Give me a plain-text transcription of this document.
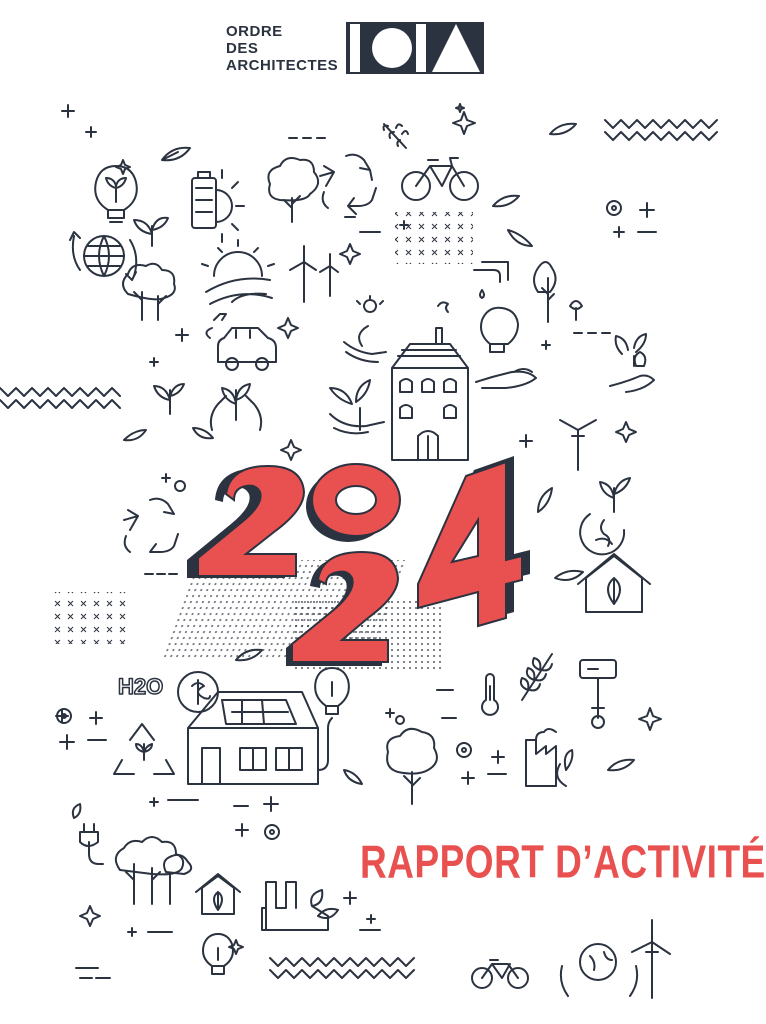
ORDRE
DES
ARCHITECTES
H2O
RAPPORT D’ACTIVITÉ
